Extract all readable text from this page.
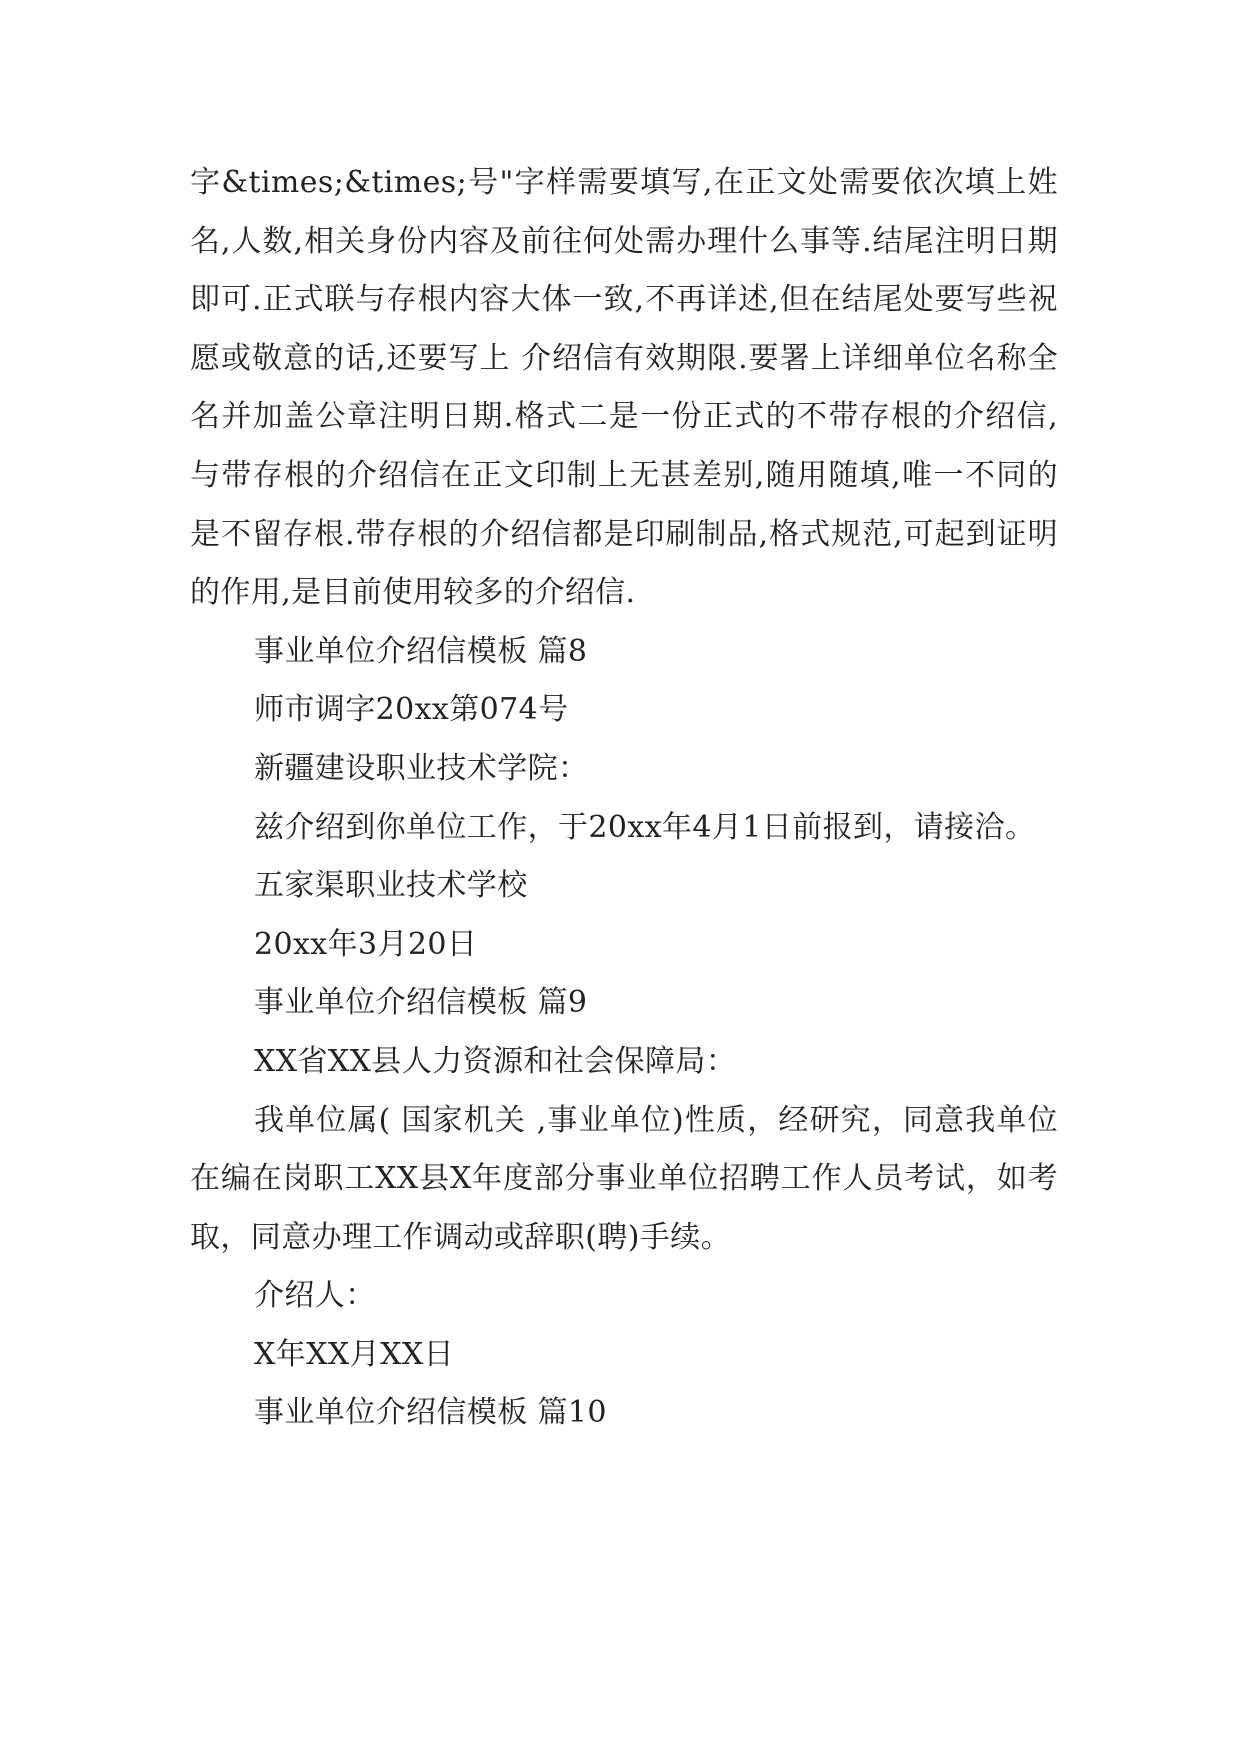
字&times;&times;号"字样需要填写,在正文处需要依次填上姓名,人数,相关身份内容及前往何处需办理什么事等.结尾注明日期即可.正式联与存根内容大体一致,不再详述,但在结尾处要写些祝愿或敬意的话,还要写上 介绍信有效期限.要署上详细单位名称全名并加盖公章注明日期.格式二是一份正式的不带存根的介绍信,与带存根的介绍信在正文印制上无甚差别,随用随填,唯一不同的是不留存根.带存根的介绍信都是印刷制品,格式规范,可起到证明的作用,是目前使用较多的介绍信.

事业单位介绍信模板 篇8

师市调字20xx第074号

新疆建设职业技术学院：

兹介绍到你单位工作，于20xx年4月1日前报到，请接洽。

五家渠职业技术学校

20xx年3月20日

事业单位介绍信模板 篇9

XX省XX县人力资源和社会保障局：

我单位属( 国家机关 ,事业单位)性质，经研究，同意我单位在编在岗职工XX县X年度部分事业单位招聘工作人员考试，如考取，同意办理工作调动或辞职(聘)手续。

介绍人：

X年XX月XX日

事业单位介绍信模板 篇10
